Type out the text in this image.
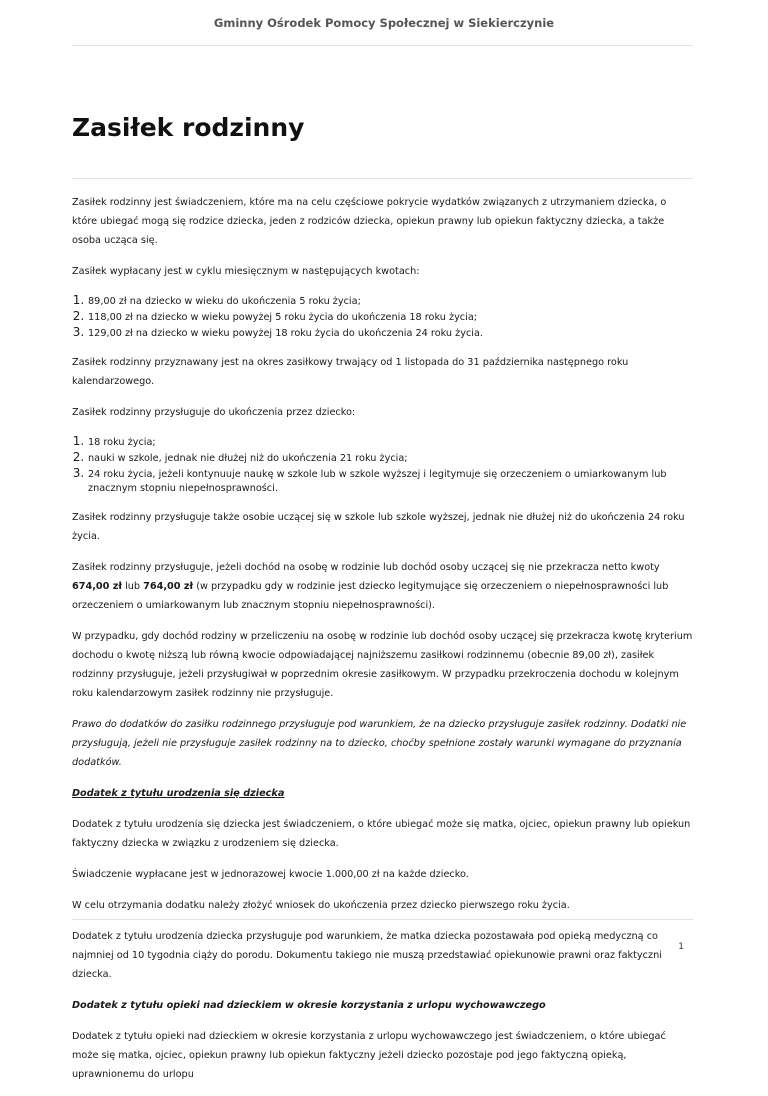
Gminny Ośrodek Pomocy Społecznej w Siekierczynie
Zasiłek rodzinny

Zasiłek rodzinny jest świadczeniem, które ma na celu częściowe pokrycie wydatków związanych z utrzymaniem dziecka, o które ubiegać mogą się rodzice dziecka, jeden z rodziców dziecka, opiekun prawny lub opiekun faktyczny dziecka, a także osoba ucząca się.

Zasiłek wypłacany jest w cyklu miesięcznym w następujących kwotach:

1. 89,00 zł na dziecko w wieku do ukończenia 5 roku życia;
2. 118,00 zł na dziecko w wieku powyżej 5 roku życia do ukończenia 18 roku życia;
3. 129,00 zł na dziecko w wieku powyżej 18 roku życia do ukończenia 24 roku życia.

Zasiłek rodzinny przyznawany jest na okres zasiłkowy trwający od 1 listopada do 31 października następnego roku kalendarzowego.

Zasiłek rodzinny przysługuje do ukończenia przez dziecko:

1. 18 roku życia;
2. nauki w szkole, jednak nie dłużej niż do ukończenia 21 roku życia;
3. 24 roku życia, jeżeli kontynuuje naukę w szkole lub w szkole wyższej i legitymuje się orzeczeniem o umiarkowanym lub znacznym stopniu niepełnosprawności.

Zasiłek rodzinny przysługuje także osobie uczącej się w szkole lub szkole wyższej, jednak nie dłużej niż do ukończenia 24 roku życia.

Zasiłek rodzinny przysługuje, jeżeli dochód na osobę w rodzinie lub dochód osoby uczącej się nie przekracza netto kwoty 674,00 zł lub 764,00 zł (w przypadku gdy w rodzinie jest dziecko legitymujące się orzeczeniem o niepełnosprawności lub orzeczeniem o umiarkowanym lub znacznym stopniu niepełnosprawności).

W przypadku, gdy dochód rodziny w przeliczeniu na osobę w rodzinie lub dochód osoby uczącej się przekracza kwotę kryterium dochodu o kwotę niższą lub równą kwocie odpowiadającej najniższemu zasiłkowi rodzinnemu (obecnie 89,00 zł), zasiłek rodzinny przysługuje, jeżeli przysługiwał w poprzednim okresie zasiłkowym. W przypadku przekroczenia dochodu w kolejnym roku kalendarzowym zasiłek rodzinny nie przysługuje.

Prawo do dodatków do zasiłku rodzinnego przysługuje pod warunkiem, że na dziecko przysługuje zasiłek rodzinny. Dodatki nie przysługują, jeżeli nie przysługuje zasiłek rodzinny na to dziecko, choćby spełnione zostały warunki wymagane do przyznania dodatków.

Dodatek z tytułu urodzenia się dziecka

Dodatek z tytułu urodzenia się dziecka jest świadczeniem, o które ubiegać może się matka, ojciec, opiekun prawny lub opiekun faktyczny dziecka w związku z urodzeniem się dziecka.

Świadczenie wypłacane jest w jednorazowej kwocie 1.000,00 zł na każde dziecko.

W celu otrzymania dodatku należy złożyć wniosek do ukończenia przez dziecko pierwszego roku życia.

Dodatek z tytułu urodzenia dziecka przysługuje pod warunkiem, że matka dziecka pozostawała pod opieką medyczną co najmniej od 10 tygodnia ciąży do porodu. Dokumentu takiego nie muszą przedstawiać opiekunowie prawni oraz faktyczni dziecka.

Dodatek z tytułu opieki nad dzieckiem w okresie korzystania z urlopu wychowawczego

Dodatek z tytułu opieki nad dzieckiem w okresie korzystania z urlopu wychowawczego jest świadczeniem, o które ubiegać może się matka, ojciec, opiekun prawny lub opiekun faktyczny jeżeli dziecko pozostaje pod jego faktyczną opieką, uprawnionemu do urlopu

1
